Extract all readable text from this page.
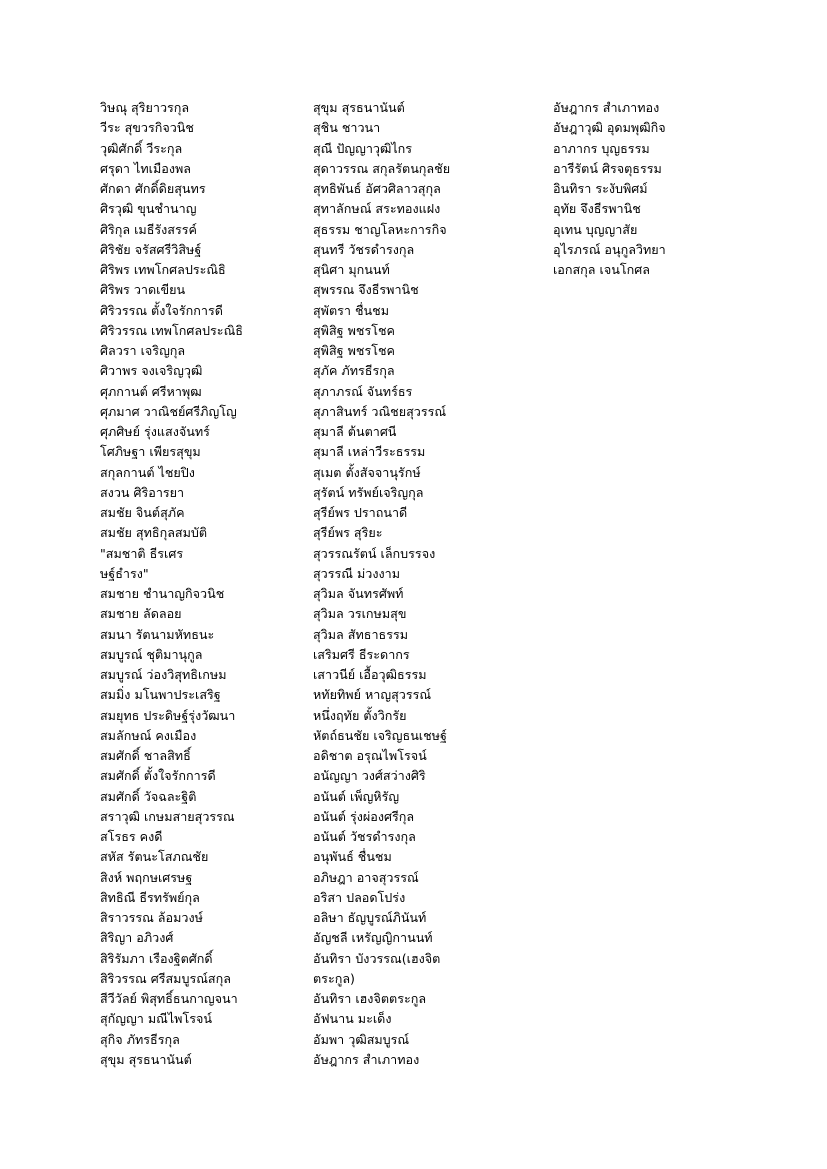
วิษณุ สุริยาวรกุล
วีระ สุขวรกิจวนิช
วุฒิศักดิ์ วีระกุล
ศรุดา ไทเมืองพล
ศักดา ศักดิ์ดิยสุนทร
ศิรวุฒิ ขุนชำนาญ
ศิริกุล เมธีรังสรรค์
ศิริชัย จรัสศรีวิสิษฐ์
ศิริพร เทพโกศลประณิธิ
ศิริพร วาดเขียน
ศิริวรรณ ตั้งใจรักการดี
ศิริวรรณ เทพโกศลประณิธิ
ศิลวรา เจริญกุล
ศิวาพร จงเจริญวุฒิ
ศุภกานต์ ศรีหาพุฒ
ศุภมาศ วาณิชย์ศรีภิญโญ
ศุภศิษย์ รุ่งแสงจันทร์
โศภิษฐา เพียรสุขุม
สกุลกานต์ ไชยปิง
สงวน ศิริอารยา
สมชัย จินต์สุภัค
สมชัย สุทธิกุลสมบัติ
"สมชาติ ธีรเศร
ษฐ์ธำรง"
สมชาย ชำนาญกิจวนิช
สมชาย ลัดลอย
สมนา รัตนามหัทธนะ
สมบูรณ์ ชุติมานุกูล
สมบูรณ์ ว่องวิสุทธิเกษม
สมมิ่ง มโนพาประเสริฐ
สมยุทธ ประดิษฐ์รุ่งวัฒนา
สมลักษณ์ คงเมือง
สมศักดิ์ ชาลสิทธิ์
สมศักดิ์ ตั้งใจรักการดี
สมศักดิ์ วัจฉละฐิติ
สราวุฒิ เกษมสายสุวรรณ
สโรธร คงดี
สหัส รัตนะโสภณชัย
สิงห์ พฤกษเศรษฐ
สิทธิณี ธีรทรัพย์กุล
สิราวรรณ ล้อมวงษ์
สิริญา อภิวงศ์
สิริรัมภา เรืองฐิตศักดิ์
สิริวรรณ ศรีสมบูรณ์สกุล
สีวีวัลย์ พิสุทธิ์ธนกาญจนา
สุกัญญา มณีไพโรจน์
สุกิจ ภัทรธีรกุล
สุขุม สุรธนานันต์
สุขุม สุรธนานันต์
สุชิน ชาวนา
สุณี ปัญญาวุฒิไกร
สุดาวรรณ สกุลรัตนกุลชัย
สุทธิพันธ์ อัศวศิลาวสุกุล
สุทาลักษณ์ สระทองแฝง
สุธรรม ชาญโลหะการกิจ
สุนทรี วัชรดำรงกุล
สุนิศา มุกนนท์
สุพรรณ จึงธีรพานิช
สุพัตรา ชื่นชม
สุพิสิฐ พชรโชค
สุพิสิฐ พชรโชค
สุภัค ภัทรธีรกุล
สุภาภรณ์ จันทร์ธร
สุภาสินทร์ วณิชยสุวรรณ์
สุมาลี ต้นตาศนี
สุมาลี เหล่าวีระธรรม
สุเมต ตั้งสัจจานุรักษ์
สุรัตน์ ทรัพย์เจริญกุล
สุรีย์พร ปราถนาดี
สุรีย์พร สุริยะ
สุวรรณรัตน์ เล็กบรรจง
สุวรรณี ม่วงงาม
สุวิมล จันทรศัพท์
สุวิมล วรเกษมสุข
สุวิมล สัทธาธรรม
เสริมศรี ธีระดากร
เสาวนีย์ เอื้อวุฒิธรรม
หทัยทิพย์ หาญสุวรรณ์
หนึ่งฤทัย ตั้งวิกรัย
หัตถ์ธนชัย เจริญธนเชษฐ์
อดิชาต อรุณไพโรจน์
อนัญญา วงศ์สว่างศิริ
อนันต์ เพ็ญหิรัญ
อนันต์ รุ่งผ่องศรีกุล
อนันต์ วัชรดำรงกุล
อนุพันธ์ ชื่นชม
อภิษฎา อาจสุวรรณ์
อริสา ปลอดโปร่ง
อลิษา ธัญบูรณ์ภินันท์
อัญชลี เหรัญญิกานนท์
อันทิรา บังวรรณ(เฮงจิต
ตระกูล)
อันทิรา เฮงจิตตระกูล
อัฟนาน มะเด็ง
อัมพา วุฒิสมบูรณ์
อัษฎากร สำเภาทอง
อัษฎากร สำเภาทอง
อัษฎาวุฒิ อุดมพุฒิกิจ
อาภากร บุญธรรม
อารีรัตน์ ศิรจตุธรรม
อินทิรา ระงับพิศม์
อุทัย จึงธีรพานิช
อุเทน บุญญาสัย
อุไรภรณ์ อนุกูลวิทยา
เอกสกุล เจนโกศล
